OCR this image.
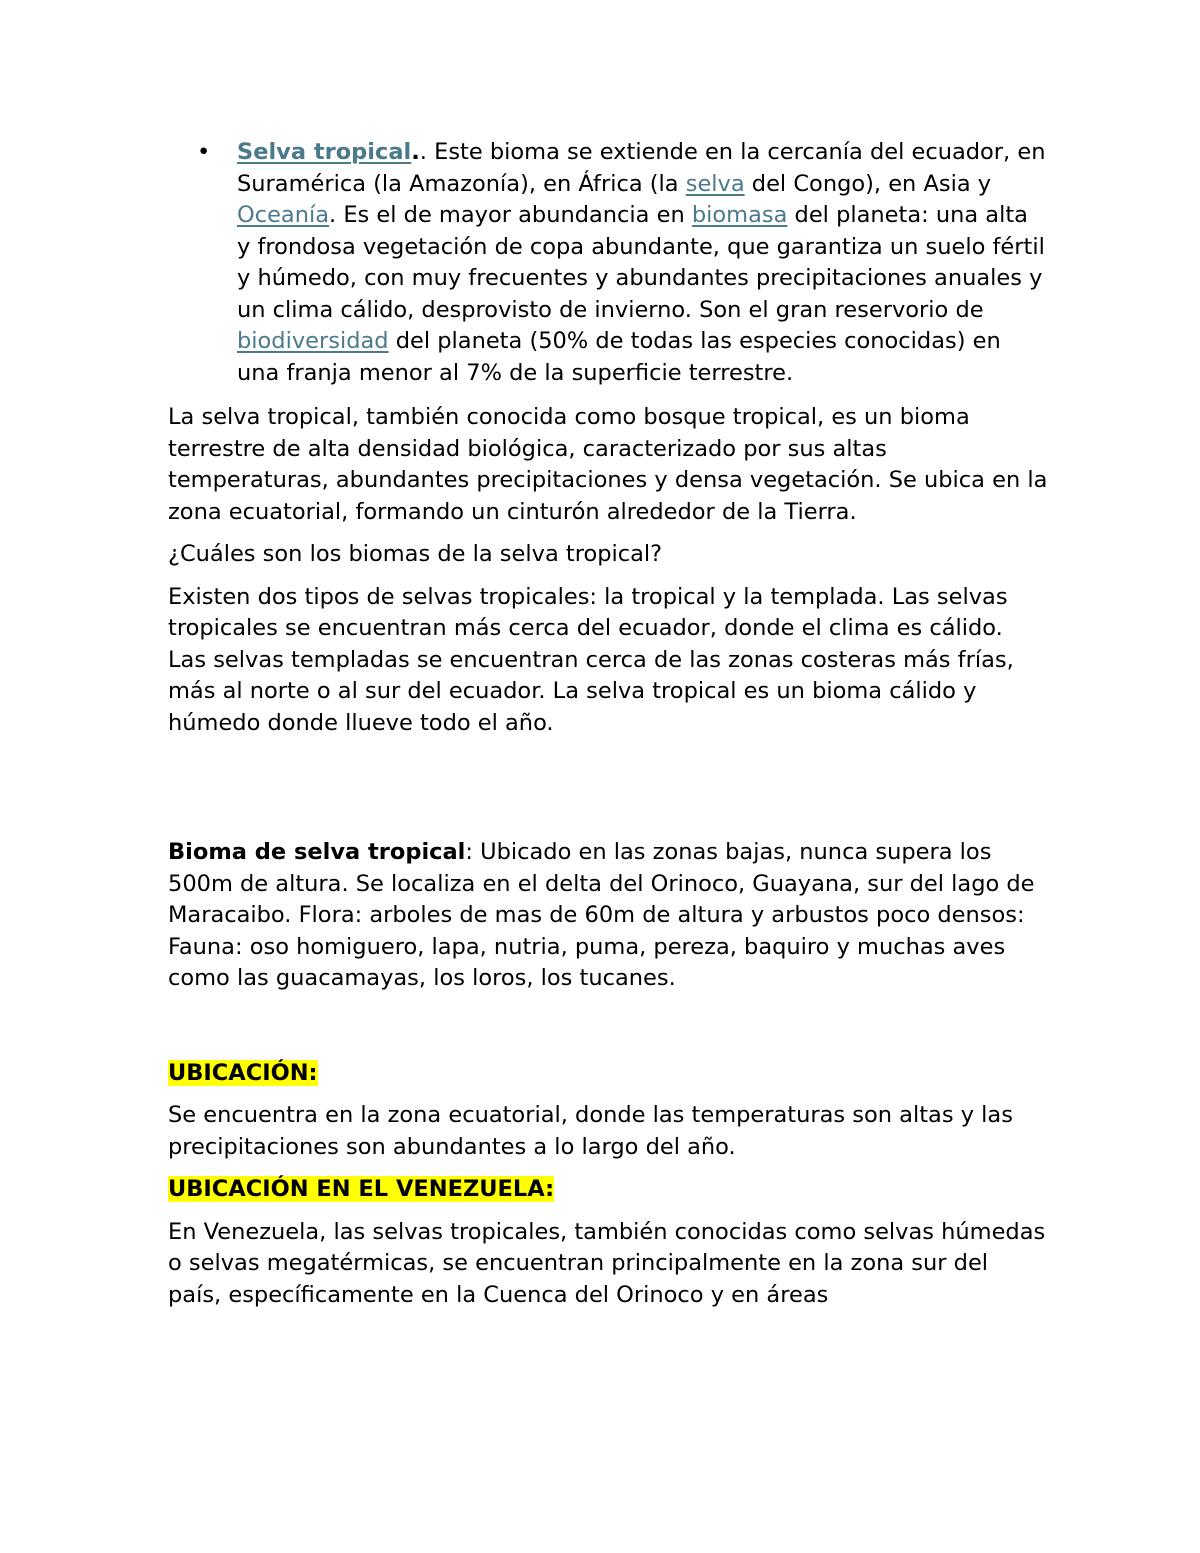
• Selva tropical.. Este bioma se extiende en la cercanía del ecuador, en Suramérica (la Amazonía), en África (la selva del Congo), en Asia y Oceanía. Es el de mayor abundancia en biomasa del planeta: una alta y frondosa vegetación de copa abundante, que garantiza un suelo fértil y húmedo, con muy frecuentes y abundantes precipitaciones anuales y un clima cálido, desprovisto de invierno. Son el gran reservorio de biodiversidad del planeta (50% de todas las especies conocidas) en una franja menor al 7% de la superficie terrestre.

La selva tropical, también conocida como bosque tropical, es un bioma terrestre de alta densidad biológica, caracterizado por sus altas temperaturas, abundantes precipitaciones y densa vegetación. Se ubica en la zona ecuatorial, formando un cinturón alrededor de la Tierra.

¿Cuáles son los biomas de la selva tropical?

Existen dos tipos de selvas tropicales: la tropical y la templada. Las selvas tropicales se encuentran más cerca del ecuador, donde el clima es cálido. Las selvas templadas se encuentran cerca de las zonas costeras más frías, más al norte o al sur del ecuador. La selva tropical es un bioma cálido y húmedo donde llueve todo el año.

Bioma de selva tropical: Ubicado en las zonas bajas, nunca supera los 500m de altura. Se localiza en el delta del Orinoco, Guayana, sur del lago de Maracaibo. Flora: arboles de mas de 60m de altura y arbustos poco densos: Fauna: oso homiguero, lapa, nutria, puma, pereza, baquiro y muchas aves como las guacamayas, los loros, los tucanes.

UBICACIÓN:

Se encuentra en la zona ecuatorial, donde las temperaturas son altas y las precipitaciones son abundantes a lo largo del año.

UBICACIÓN EN EL VENEZUELA:

En Venezuela, las selvas tropicales, también conocidas como selvas húmedas o selvas megatérmicas, se encuentran principalmente en la zona sur del país, específicamente en la Cuenca del Orinoco y en áreas
